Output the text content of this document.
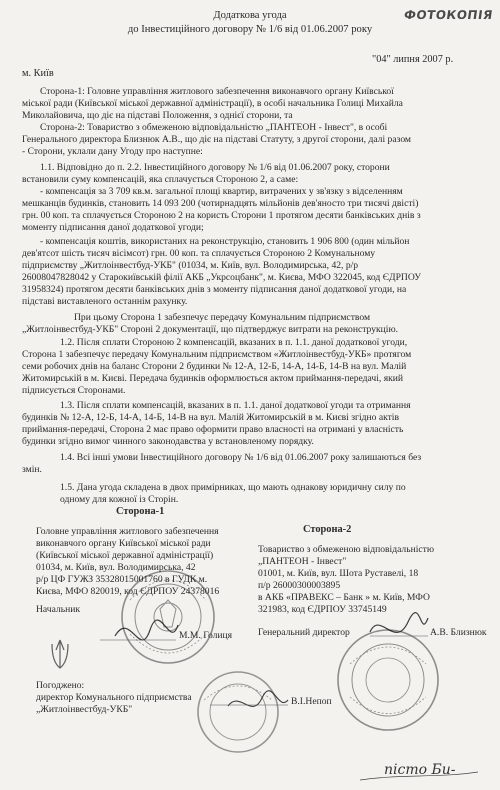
Додаткова угода
до Інвестиційного договору № 1/6 від 01.06.2007 року
ФОТОКОПІЯ
"04" липня 2007 р.
м. Київ
Сторона-1: Головне управління житлового забезпечення виконавчого органу Київської
міської ради (Київської міської державної адміністрації), в особі начальника Голиці Михайла
Миколайовича, що діє на підставі Положення, з однієї сторони, та
Сторона-2: Товариство з обмеженою відповідальністю „ПАНТЕОН - Інвест", в особі
Генерального директора Близнюк А.В., що діє на підставі Статуту, з другої сторони, далі разом
- Сторони, уклали дану Угоду про наступне:
1.1. Відповідно до п. 2.2. Інвестиційного договору № 1/6 від 01.06.2007 року, сторони
встановили суму компенсацій, яка сплачується Стороною 2, а саме:
- компенсація за 3 709 кв.м. загальної площі квартир, витрачених у зв'язку з відселенням
мешканців будинків, становить 14 093 200 (чотирнадцять мільйонів дев'яносто три тисячі двісті)
грн. 00 коп. та сплачується Стороною 2 на користь Сторони 1 протягом десяти банківських днів з
моменту підписання даної додаткової угоди;
- компенсація коштів, використаних на реконструкцію, становить 1 906 800 (один мільйон
дев'ятсот шість тисяч вісімсот) грн. 00 коп. та сплачується Стороною 2 Комунальному
підприємству „Житлоінвестбуд-УКБ" (01034, м. Київ, вул. Володимирська, 42, р/р
26008047828042 у Старокиївській філії АКБ „Укрсоцбанк", м. Києва, МФО 322045, код ЄДРПОУ
31958324) протягом десяти банківських днів з моменту підписання даної додаткової угоди, на
підставі виставленого останнім рахунку.
При цьому Сторона 1 забезпечує передачу Комунальним підприємством
„Житлоінвестбуд-УКБ" Стороні 2 документації, що підтверджує витрати на реконструкцію.
1.2. Після сплати Стороною 2 компенсацій, вказаних в п. 1.1. даної додаткової угоди,
Сторона 1 забезпечує передачу Комунальним підприємством «Житлоінвестбуд-УКБ» протягом
семи робочих днів на баланс Сторони 2 будинки № 12-А, 12-Б, 14-А, 14-Б, 14-В на вул. Малій
Житомирській в м. Києві. Передача будинків оформлюється актом приймання-передачі, який
підписується Сторонами.
1.3. Після сплати компенсацій, вказаних в п. 1.1. даної додаткової угоди та отримання
будинків № 12-А, 12-Б, 14-А, 14-Б, 14-В на вул. Малій Житомирській в м. Києві згідно актів
приймання-передачі, Сторона 2 має право оформити право власності на отримані у власність
будинки згідно вимог чинного законодавства у встановленому порядку.
1.4. Всі інші умови Інвестиційного договору № 1/6 від 01.06.2007 року залишаються без
змін.
1.5. Дана угода складена в двох примірниках, що мають однакову юридичну силу по
одному для кожної із Сторін.
Сторона-1
Головне управління житлового забезпечення
виконавчого органу Київської міської ради
(Київської міської державної адміністрації)
01034, м. Київ, вул. Володимирська, 42
р/р ЦФ ГУЖЗ 35328015001760 в ГУДК м.
Києва, МФО 820019, код ЄДРПОУ 24378016
Начальник
М.М. Голиця
Погоджено:
директор Комунального підприємства
„Житлоінвестбуд-УКБ"
В.І.Непоп
Сторона-2
Товариство з обмеженою відповідальністю
„ПАНТЕОН - Інвест"
01001, м. Київ, вул. Шота Руставелі, 18
п/р 26000300003895
в АКБ «ПРАВЕКС – Банк » м. Київ, МФО
321983, код ЄДРПОУ 33745149
Генеральний директор	А.В. Близнюк
пісто Бu-
